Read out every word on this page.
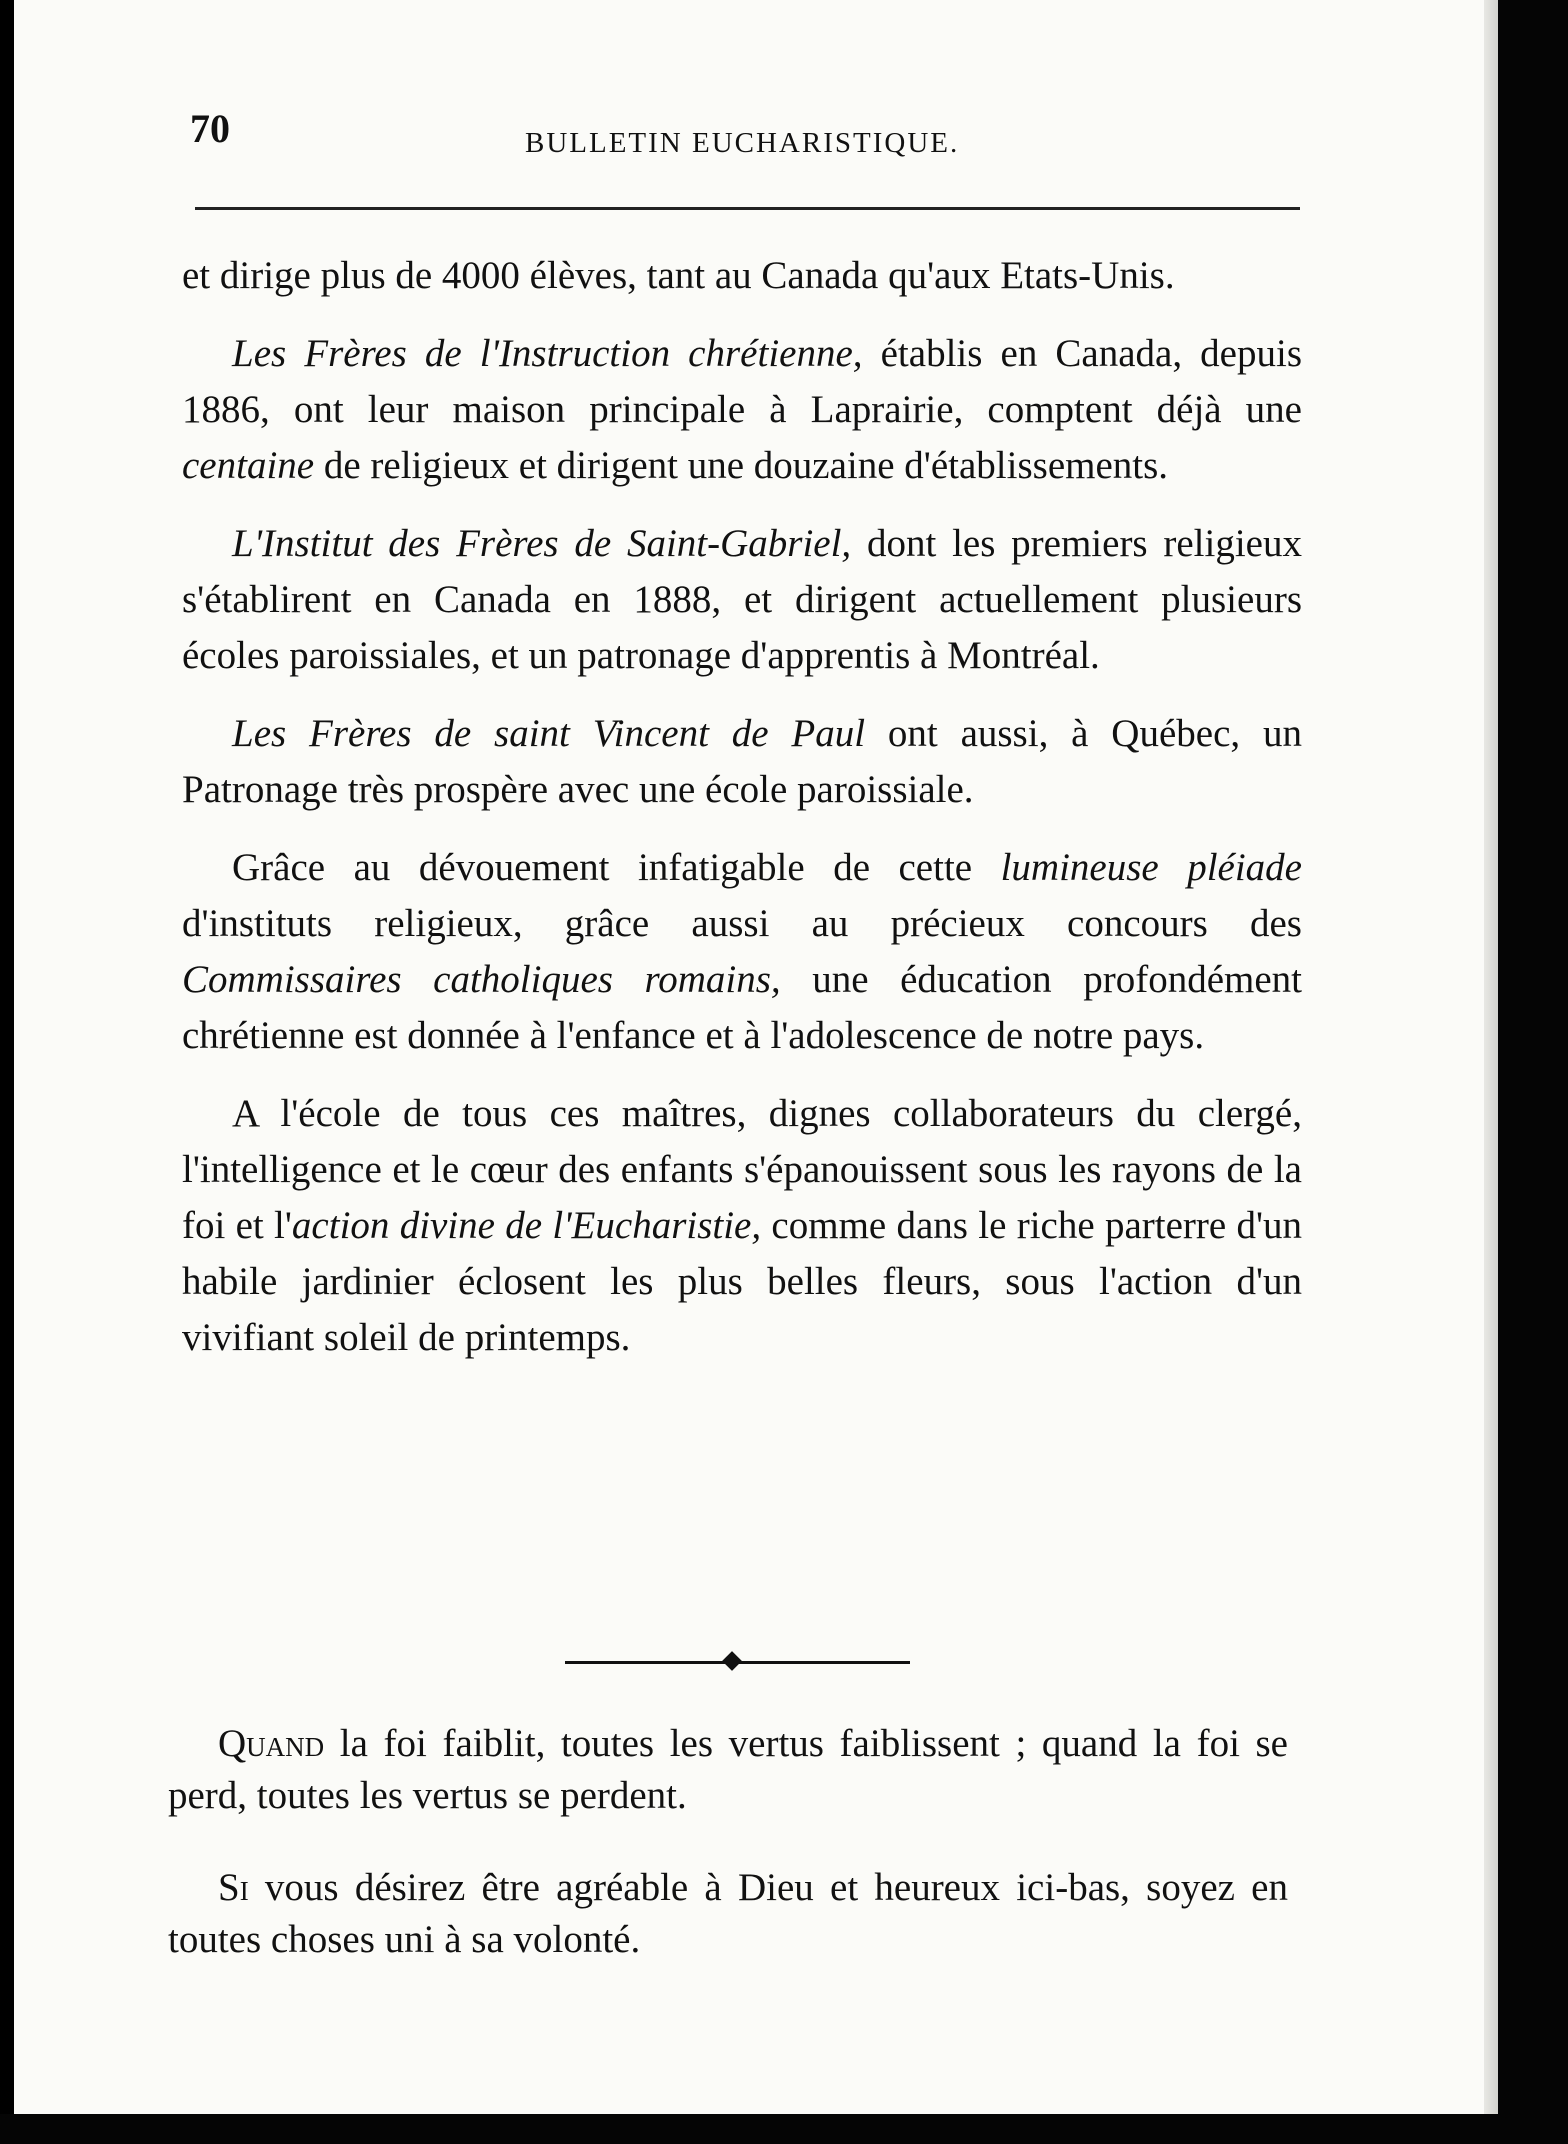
70	BULLETIN EUCHARISTIQUE.

et dirige plus de 4000 élèves, tant au Canada qu'aux Etats-Unis.

Les Frères de l'Instruction chrétienne, établis en Canada, depuis 1886, ont leur maison principale à Laprairie, comptent déjà une centaine de religieux et dirigent une douzaine d'établissements.

L'Institut des Frères de Saint-Gabriel, dont les premiers religieux s'établirent en Canada en 1888, et dirigent actuellement plusieurs écoles paroissiales, et un patronage d'apprentis à Montréal.

Les Frères de saint Vincent de Paul ont aussi, à Québec, un Patronage très prospère avec une école paroissiale.

Grâce au dévouement infatigable de cette lumineuse pléiade d'instituts religieux, grâce aussi au précieux concours des Commissaires catholiques romains, une éducation profondément chrétienne est donnée à l'enfance et à l'adolescence de notre pays.

A l'école de tous ces maîtres, dignes collaborateurs du clergé, l'intelligence et le cœur des enfants s'épanouissent sous les rayons de la foi et l'action divine de l'Eucharistie, comme dans le riche parterre d'un habile jardinier éclosent les plus belles fleurs, sous l'action d'un vivifiant soleil de printemps.

Quand la foi faiblit, toutes les vertus faiblissent ; quand la foi se perd, toutes les vertus se perdent.

Si vous désirez être agréable à Dieu et heureux ici-bas, soyez en toutes choses uni à sa volonté.
